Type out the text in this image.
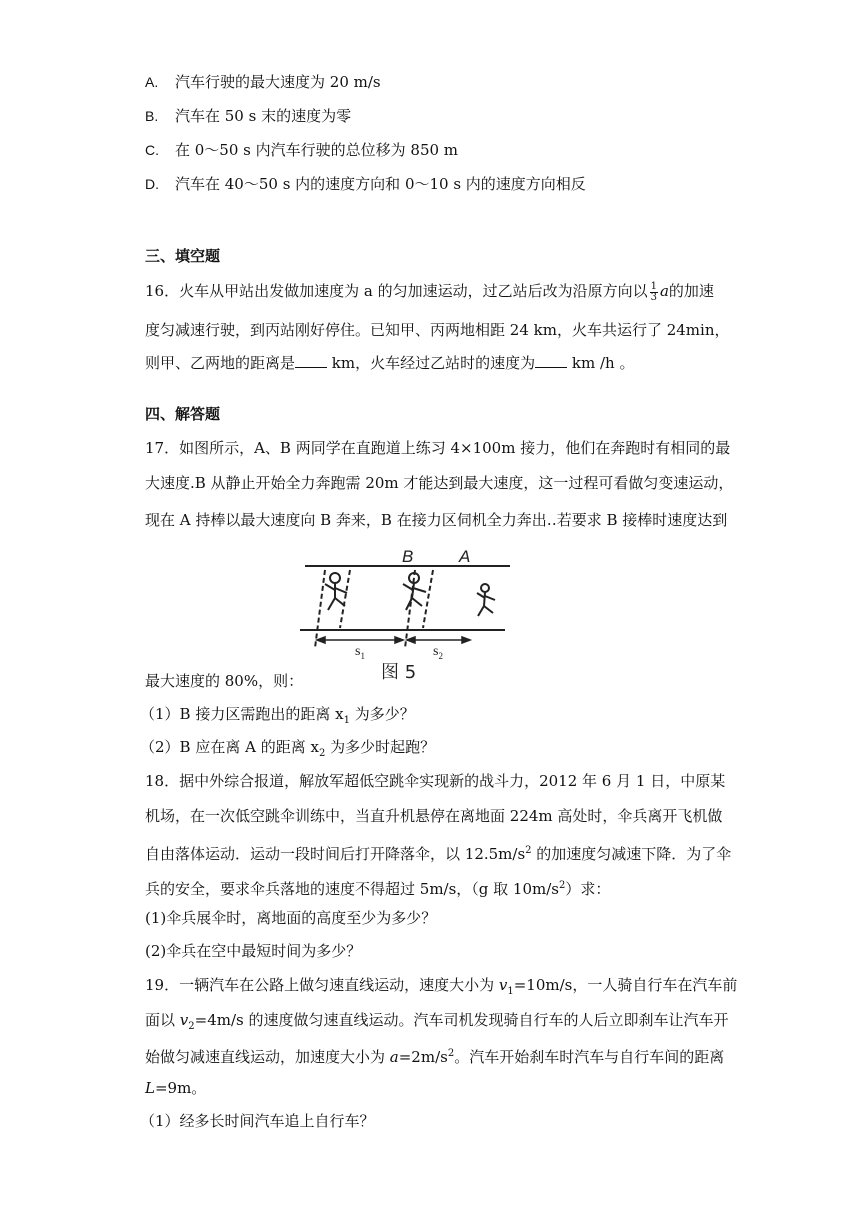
A. 汽车行驶的最大速度为 20 m/s
B. 汽车在 50 s 末的速度为零
C. 在 0～50 s 内汽车行驶的总位移为 850 m
D. 汽车在 40～50 s 内的速度方向和 0～10 s 内的速度方向相反
三、填空题
16．火车从甲站出发做加速度为 a 的匀加速运动，过乙站后改为沿原方向以 $\frac{1}{3}$ a的加速
度匀减速行驶，到丙站刚好停住。已知甲、丙两地相距 24 km，火车共运行了 24min，
则甲、乙两地的距离是 km，火车经过乙站时的速度为 km /h 。
四、解答题
17．如图所示，A、B 两同学在直跑道上练习 4×100m 接力，他们在奔跑时有相同的最
大速度.B 从静止开始全力奔跑需 20m 才能达到最大速度，这一过程可看做匀变速运动，
现在 A 持棒以最大速度向 B 奔来，B 在接力区伺机全力奔出‥若要求 B 接棒时速度达到
B	A
$s_1$	$s_2$
图 5
最大速度的 80%，则：
（1）B 接力区需跑出的距离 $x_1$ 为多少？
（2）B 应在离 A 的距离 $x_2$ 为多少时起跑？
18．据中外综合报道，解放军超低空跳伞实现新的战斗力，2012 年 6 月 1 日，中原某
机场，在一次低空跳伞训练中，当直升机悬停在离地面 224m 高处时，伞兵离开飞机做
自由落体运动．运动一段时间后打开降落伞，以 $12.5m/s^2$ 的加速度匀减速下降．为了伞
兵的安全，要求伞兵落地的速度不得超过 5m/s，（g 取 $10m/s^2$）求：
(1)伞兵展伞时，离地面的高度至少为多少？
(2)伞兵在空中最短时间为多少？
19．一辆汽车在公路上做匀速直线运动，速度大小为 $v_1=10m/s$，一人骑自行车在汽车前
面以 $v_2=4m/s$ 的速度做匀速直线运动。汽车司机发现骑自行车的人后立即刹车让汽车开
始做匀减速直线运动，加速度大小为 $a=2m/s^2$。汽车开始刹车时汽车与自行车间的距离
L=9m。
（1）经多长时间汽车追上自行车？
